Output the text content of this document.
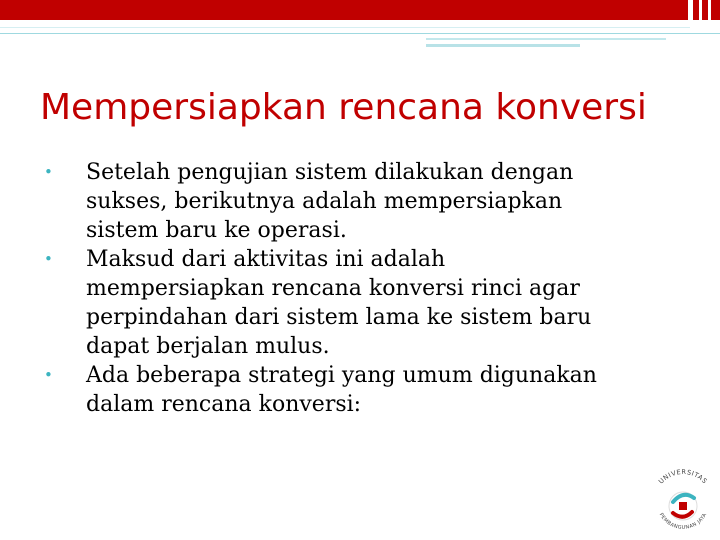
Mempersiapkan rencana konversi
• Setelah pengujian sistem dilakukan dengan
sukses, berikutnya adalah mempersiapkan
sistem baru ke operasi.
• Maksud dari aktivitas ini adalah
mempersiapkan rencana konversi rinci agar
perpindahan dari sistem lama ke sistem baru
dapat berjalan mulus.
• Ada beberapa strategi yang umum digunakan
dalam rencana konversi:
UNIVERSITAS
PEMBANGUNAN JAYA
